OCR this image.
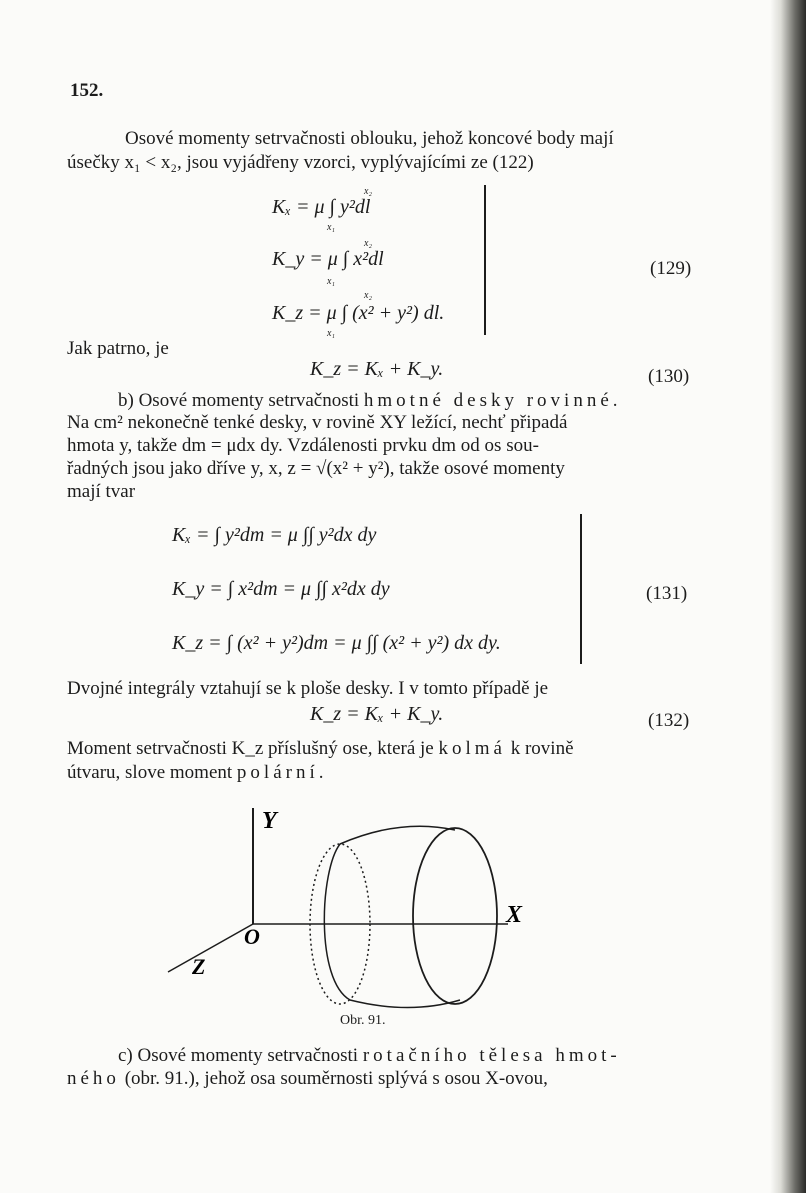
152.
Osové momenty setrvačnosti oblouku, jehož koncové body mají
úsečky x₁ < x₂, jsou vyjádřeny vzorci, vyplývajícími ze (122)
Kₓ = μ ∫ y²dl
K_y = μ ∫ x²dl
K_z = μ ∫ (x² + y²) dl.
x₁
x₂
x₁
x₂
x₁
x₂
(129)
Jak patrno, je
K_z = Kₓ + K_y.	(130)
b) Osové momenty setrvačnosti hmotné desky rovinné.
Na cm² nekonečně tenké desky, v rovině XY ležící, nechť připadá
hmota y, takže dm = μdx dy. Vzdálenosti prvku dm od os sou-
řadných jsou jako dříve y, x, z = √(x² + y²), takže osové momenty
mají tvar
Kₓ = ∫ y²dm = μ ∫∫ y²dx dy
K_y = ∫ x²dm = μ ∫∫ x²dx dy
K_z = ∫ (x² + y²)dm = μ ∫∫ (x² + y²) dx dy.
(131)
Dvojné integrály vztahují se k ploše desky. I v tomto případě je
K_z = Kₓ + K_y.	(132)
Moment setrvačnosti K_z příslušný ose, která je kolmá k rovině
útvaru, slove moment polární.
Y
X
Z
O
Obr. 91.
c) Osové momenty setrvačnosti rotačního tělesa hmot-
ného (obr. 91.), jehož osa souměrnosti splývá s osou X-ovou,
